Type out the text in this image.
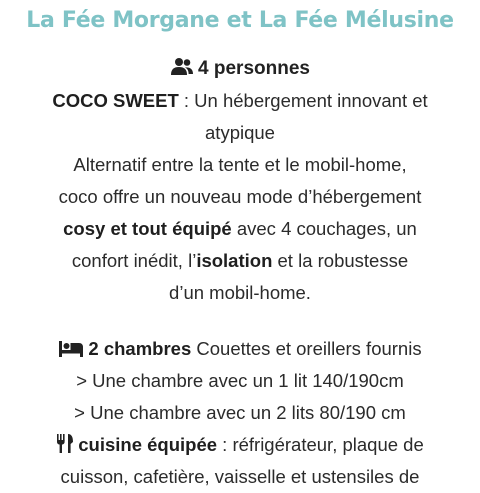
La Fée Morgane et La Fée Mélusine
4 personnes
COCO SWEET : Un hébergement innovant et
atypique
Alternatif entre la tente et le mobil-home,
coco offre un nouveau mode d’hébergement
cosy et tout équipé avec 4 couchages, un
confort inédit, l’isolation et la robustesse
d’un mobil-home.
2 chambres Couettes et oreillers fournis
> Une chambre avec un 1 lit 140/190cm
> Une chambre avec un 2 lits 80/190 cm
cuisine équipée : réfrigérateur, plaque de
cuisson, cafetière, vaisselle et ustensiles de
